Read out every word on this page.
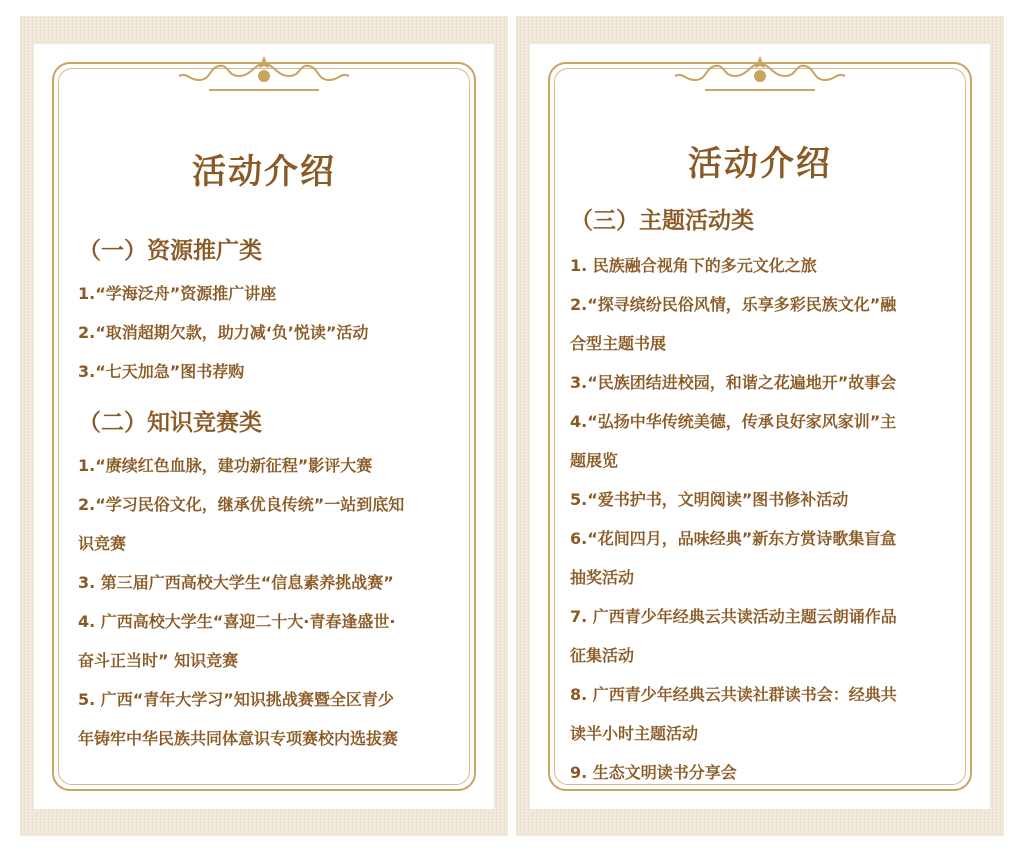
活动介绍
（一）资源推广类
1.“学海泛舟”资源推广讲座
2.“取消超期欠款，助力减‘负’悦读”活动
3.“七天加急”图书荐购
（二）知识竞赛类
1.“赓续红色血脉，建功新征程”影评大赛
2.“学习民俗文化，继承优良传统”一站到底知
识竞赛
3. 第三届广西高校大学生“信息素养挑战赛”
4. 广西高校大学生“喜迎二十大·青春逢盛世·
奋斗正当时” 知识竞赛
5. 广西“青年大学习”知识挑战赛暨全区青少
年铸牢中华民族共同体意识专项赛校内选拔赛
活动介绍
（三）主题活动类
1. 民族融合视角下的多元文化之旅
2.“探寻缤纷民俗风情，乐享多彩民族文化”融
合型主题书展
3.“民族团结进校园，和谐之花遍地开”故事会
4.“弘扬中华传统美德，传承良好家风家训”主
题展览
5.“爱书护书，文明阅读”图书修补活动
6.“花间四月，品味经典”新东方赏诗歌集盲盒
抽奖活动
7. 广西青少年经典云共读活动主题云朗诵作品
征集活动
8. 广西青少年经典云共读社群读书会：经典共
读半小时主题活动
9. 生态文明读书分享会
